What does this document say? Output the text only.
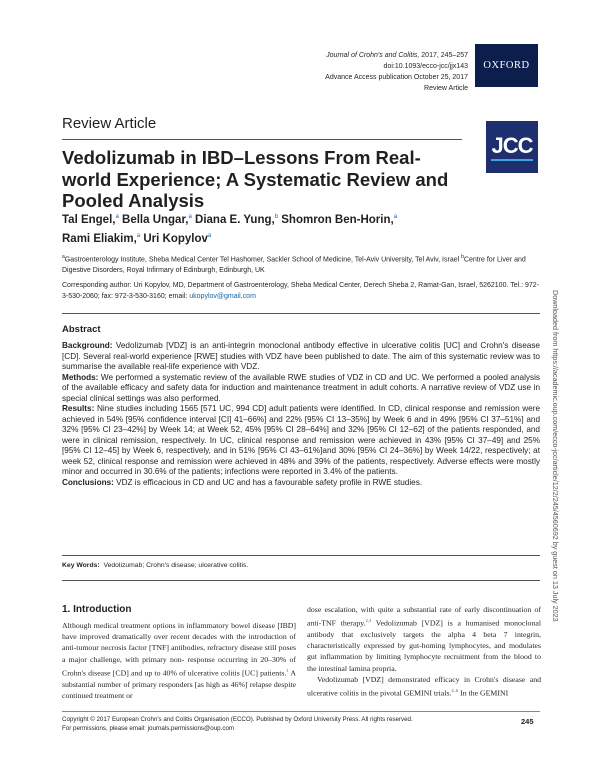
Journal of Crohn's and Colitis, 2017, 245–257
doi:10.1093/ecco-jcc/jjx143
Advance Access publication October 25, 2017
Review Article
OXFORD
Review Article
JCC
Vedolizumab in IBD–Lessons From Real-world Experience; A Systematic Review and Pooled Analysis
Tal Engel,$^a$ Bella Ungar,$^a$ Diana E. Yung,$^b$ Shomron Ben-Horin,$^a$
Rami Eliakim,$^a$ Uri Kopylov$^a$
$^a$Gastroenterology Institute, Sheba Medical Center Tel Hashomer, Sackler School of Medicine, Tel-Aviv University, Tel Aviv, Israel $^b$Centre for Liver and Digestive Disorders, Royal Infirmary of Edinburgh, Edinburgh, UK
Corresponding author: Uri Kopylov, MD, Department of Gastroenterology, Sheba Medical Center, Derech Sheba 2, Ramat-Gan, Israel, 5262100. Tel.: 972-3-530-2060; fax: 972-3-530-3160; email: ukopylov@gmail.com
Abstract

Background: Vedolizumab [VDZ] is an anti-integrin monoclonal antibody effective in ulcerative colitis [UC] and Crohn's disease [CD]. Several real-world experience [RWE] studies with VDZ have been published to date. The aim of this systematic review was to summarise the available real-life experience with VDZ.

Methods: We performed a systematic review of the available RWE studies of VDZ in CD and UC. We performed a pooled analysis of the available efficacy and safety data for induction and maintenance treatment in adult cohorts. A narrative review of VDZ use in special clinical settings was also performed.

Results: Nine studies including 1565 [571 UC, 994 CD] adult patients were identified. In CD, clinical response and remission were achieved in 54% [95% confidence interval [CI] 41–66%] and 22% [95% CI 13–35%] by Week 6 and in 49% [95% CI 37–51%] and 32% [95% CI 23–42%] by Week 14; at Week 52, 45% [95% CI 28–64%] and 32% [95% CI 12–62] of the patients responded, and were in clinical remission, respectively. In UC, clinical response and remission were achieved in 43% [95% CI 37–49] and 25% [95% CI 12–45] by Week 6, respectively, and in 51% [95% CI 43–61%]and 30% [95% CI 24–36%] by Week 14/22, respectively; at week 52, clinical response and remission were achieved in 48% and 39% of the patients, respectively. Adverse effects were mostly minor and occurred in 30.6% of the patients; infections were reported in 3.4% of the patients.

Conclusions: VDZ is efficacious in CD and UC and has a favourable safety profile in RWE studies.

Key Words: Vedolizumab; Crohn's disease; ulcerative colitis.
1. Introduction

Although medical treatment options in inflammatory bowel disease [IBD] have improved dramatically over recent decades with the introduction of anti-tumour necrosis factor [TNF] antibodies, refractory disease still poses a major challenge, with primary non- response occurring in 20–30% of Crohn's disease [CD] and up to 40% of ulcerative colitis [UC] patients.$^1$ A substantial number of primary responders [as high as 46%] relapse despite continued treatment or

dose escalation, with quite a substantial rate of early discontinuation of anti-TNF therapy.$^{2,3}$ Vedolizumab [VDZ] is a humanised monoclonal antibody that exclusively targets the alpha 4 beta 7 integrin, characteristically expressed by gut-homing lymphocytes, and modulates gut inflammation by limiting lymphocyte recruitment from the blood to the intestinal lamina propria.

Vedolizumab [VDZ] demonstrated efficacy in Crohn's disease and ulcerative colitis in the pivotal GEMINI trials.$^{4-6}$ In the GEMINI

Copyright © 2017 European Crohn's and Colitis Organisation (ECCO). Published by Oxford University Press. All rights reserved.
For permissions, please email: journals.permissions@oup.com
245
Downloaded from https://academic.oup.com/ecco-jcc/article/12/2/245/4560692 by guest on 13 July 2023
